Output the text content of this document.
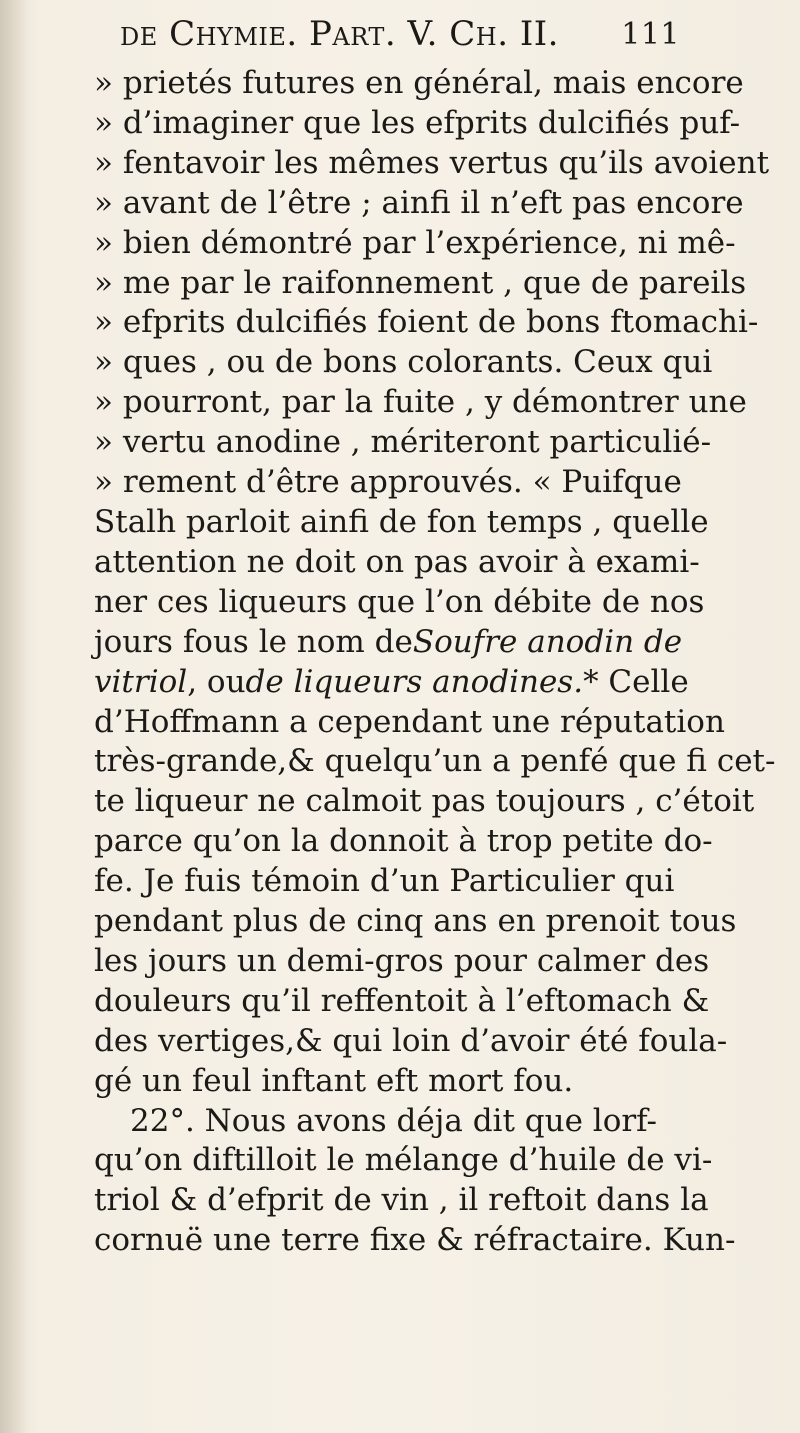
de Chymie. Part. V. Ch. II. 111
» prietés futures en général, mais encore
» d’imaginer que les efprits dulcifiés puf-
» fentavoir les mêmes vertus qu’ils avoient
» avant de l’être ; ainfi il n’eft pas encore
» bien démontré par l’expérience, ni mê-
» me par le raifonnement , que de pareils
» efprits dulcifiés foient de bons ftomachi-
» ques , ou de bons colorants. Ceux qui
» pourront, par la fuite , y démontrer une
» vertu anodine , mériteront particulié-
» rement d’être approuvés. « Puifque
Stalh parloit ainfi de fon temps , quelle
attention ne doit on pas avoir à exami-
ner ces liqueurs que l’on débite de nos
jours fous le nom de Soufre anodin de
vitriol, ou de liqueurs anodines. * Celle
d’Hoffmann a cependant une réputation
très-grande,& quelqu’un a penfé que fi cet-
te liqueur ne calmoit pas toujours , c’étoit
parce qu’on la donnoit à trop petite do-
fe. Je fuis témoin d’un Particulier qui
pendant plus de cinq ans en prenoit tous
les jours un demi-gros pour calmer des
douleurs qu’il reffentoit à l’eftomach &
des vertiges,& qui loin d’avoir été foula-
gé un feul inftant eft mort fou.
22°. Nous avons déja dit que lorf-
qu’on diftilloit le mélange d’huile de vi-
triol & d’efprit de vin , il reftoit dans la
cornuë une terre fixe & réfractaire. Kun-
